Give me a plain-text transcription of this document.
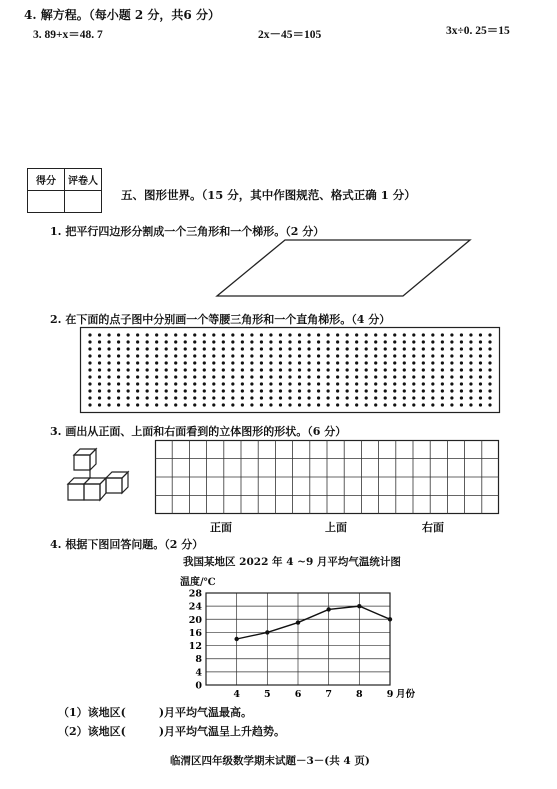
4. 解方程。（每小题 2 分，共6 分）
3. 89+x＝48. 7	2x－45＝105	3x÷0. 25＝15
得分	评卷人

五、图形世界。（15 分，其中作图规范、格式正确 1 分）
1. 把平行四边形分割成一个三角形和一个梯形。（2 分）
2. 在下面的点子图中分别画一个等腰三角形和一个直角梯形。（4 分）
3. 画出从正面、上面和右面看到的立体图形的形状。（6 分）
正面	上面	右面
4. 根据下图回答问题。（2 分）
我国某地区 2022 年 4 ~9 月平均气温统计图
温度/℃
0
4
8
12
16
20
24
28
4	5	6	7	8	9 月份
（1）该地区(　　　)月平均气温最高。
（2）该地区(　　　)月平均气温呈上升趋势。
临渭区四年级数学期末试题－3－(共 4 页)
